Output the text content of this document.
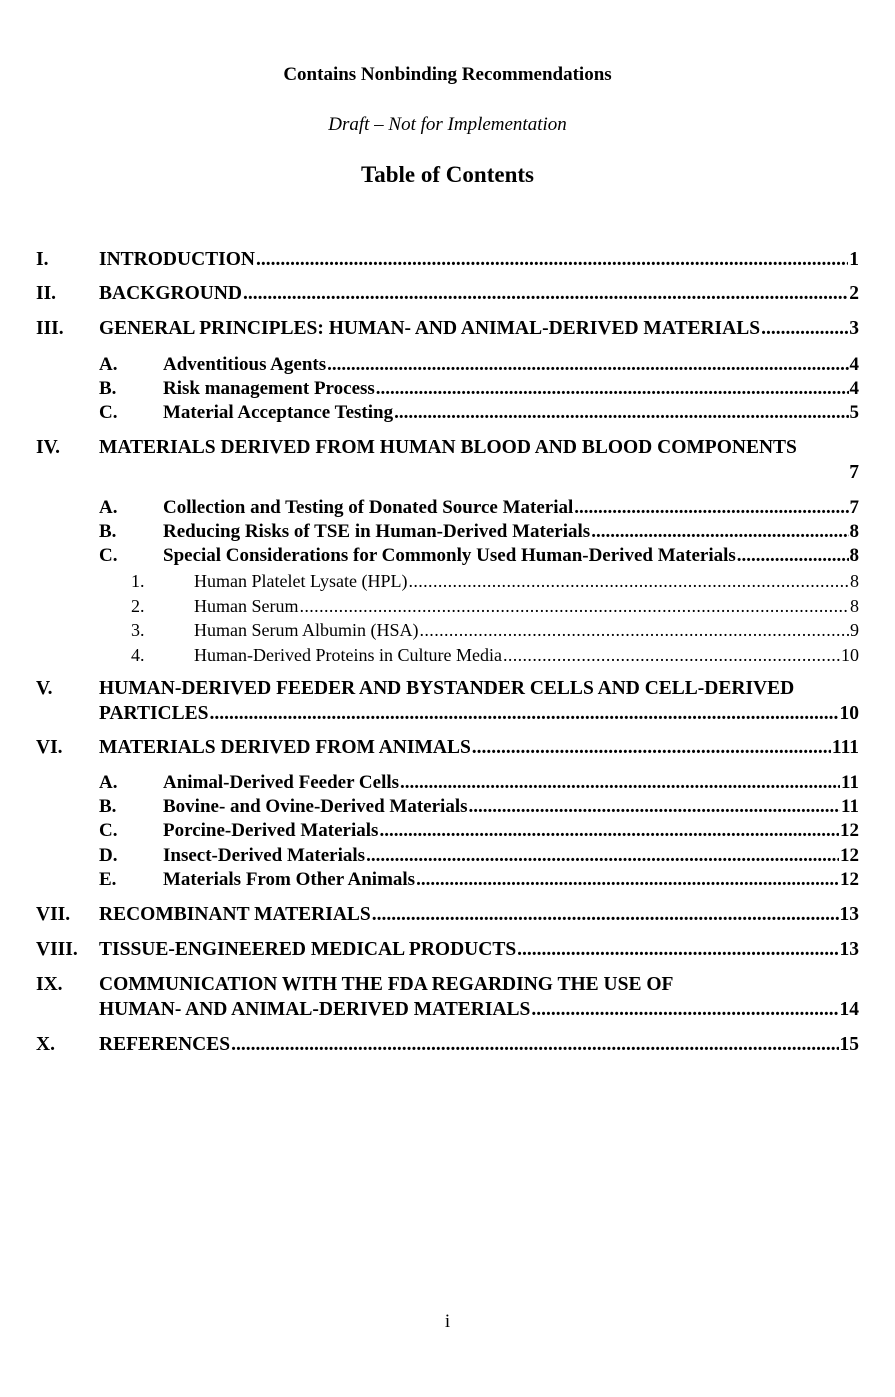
Contains Nonbinding Recommendations
Draft – Not for Implementation
Table of Contents
I.	INTRODUCTION .....	1
II. BACKGROUND .....	2
III. GENERAL PRINCIPLES: HUMAN- AND ANIMAL-DERIVED MATERIALS .....	3
A. Adventitious Agents .....	4
B. Risk management Process .....	4
C. Material Acceptance Testing .....	5
IV. MATERIALS DERIVED FROM HUMAN BLOOD AND BLOOD COMPONENTS
7
A. Collection and Testing of Donated Source Material .....	7
B. Reducing Risks of TSE in Human-Derived Materials .....	8
C. Special Considerations for Commonly Used Human-Derived Materials .....	8
1.	Human Platelet Lysate (HPL) .....	8
2.	Human Serum .....	8
3.	Human Serum Albumin (HSA) .....	9
4.	Human-Derived Proteins in Culture Media .....	10
V. HUMAN-DERIVED FEEDER AND BYSTANDER CELLS AND CELL-DERIVED
PARTICLES .....	10
VI. MATERIALS DERIVED FROM ANIMALS .....	111
A. Animal-Derived Feeder Cells .....	11
B. Bovine- and Ovine-Derived Materials .....	11
C. Porcine-Derived Materials .....	12
D. Insect-Derived Materials .....	12
E. Materials From Other Animals .....	12
VII. RECOMBINANT MATERIALS .....	13
VIII. TISSUE-ENGINEERED MEDICAL PRODUCTS .....	13
IX. COMMUNICATION WITH THE FDA REGARDING THE USE OF
HUMAN- AND ANIMAL-DERIVED MATERIALS .....	14
X. REFERENCES .....	15
i
